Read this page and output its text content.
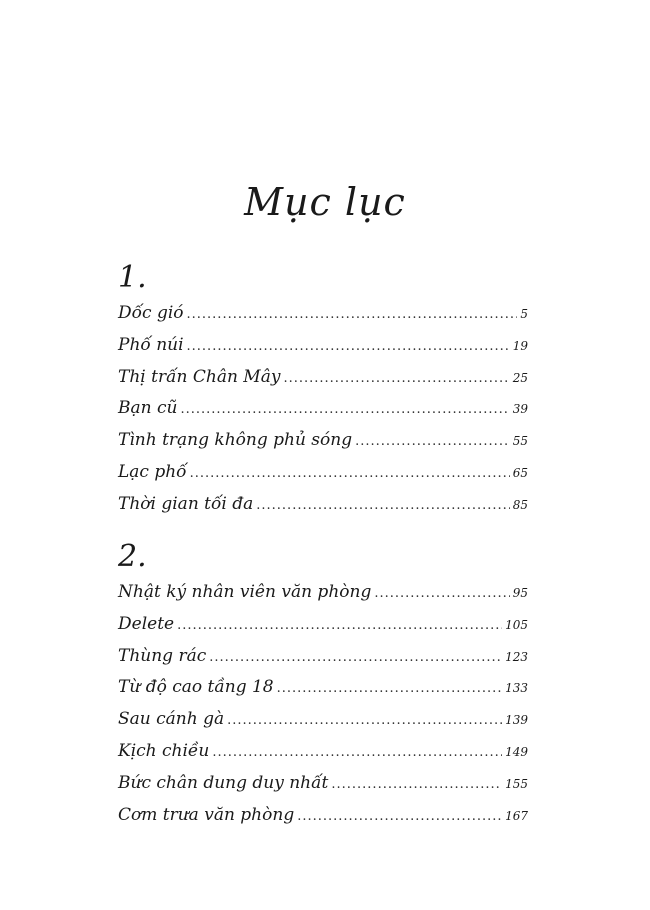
Mục lục
1.
Dốc gió .....	5
Phố núi .....	19
Thị trấn Chân Mây .....	25
Bạn cũ .....	39
Tình trạng không phủ sóng .....	55
Lạc phố .....	65
Thời gian tối đa .....	85
2.
Nhật ký nhân viên văn phòng .....	95
Delete .....	105
Thùng rác .....	123
Từ độ cao tầng 18 .....	133
Sau cánh gà .....	139
Kịch chiều .....	149
Bức chân dung duy nhất .....	155
Cơm trưa văn phòng .....	167
